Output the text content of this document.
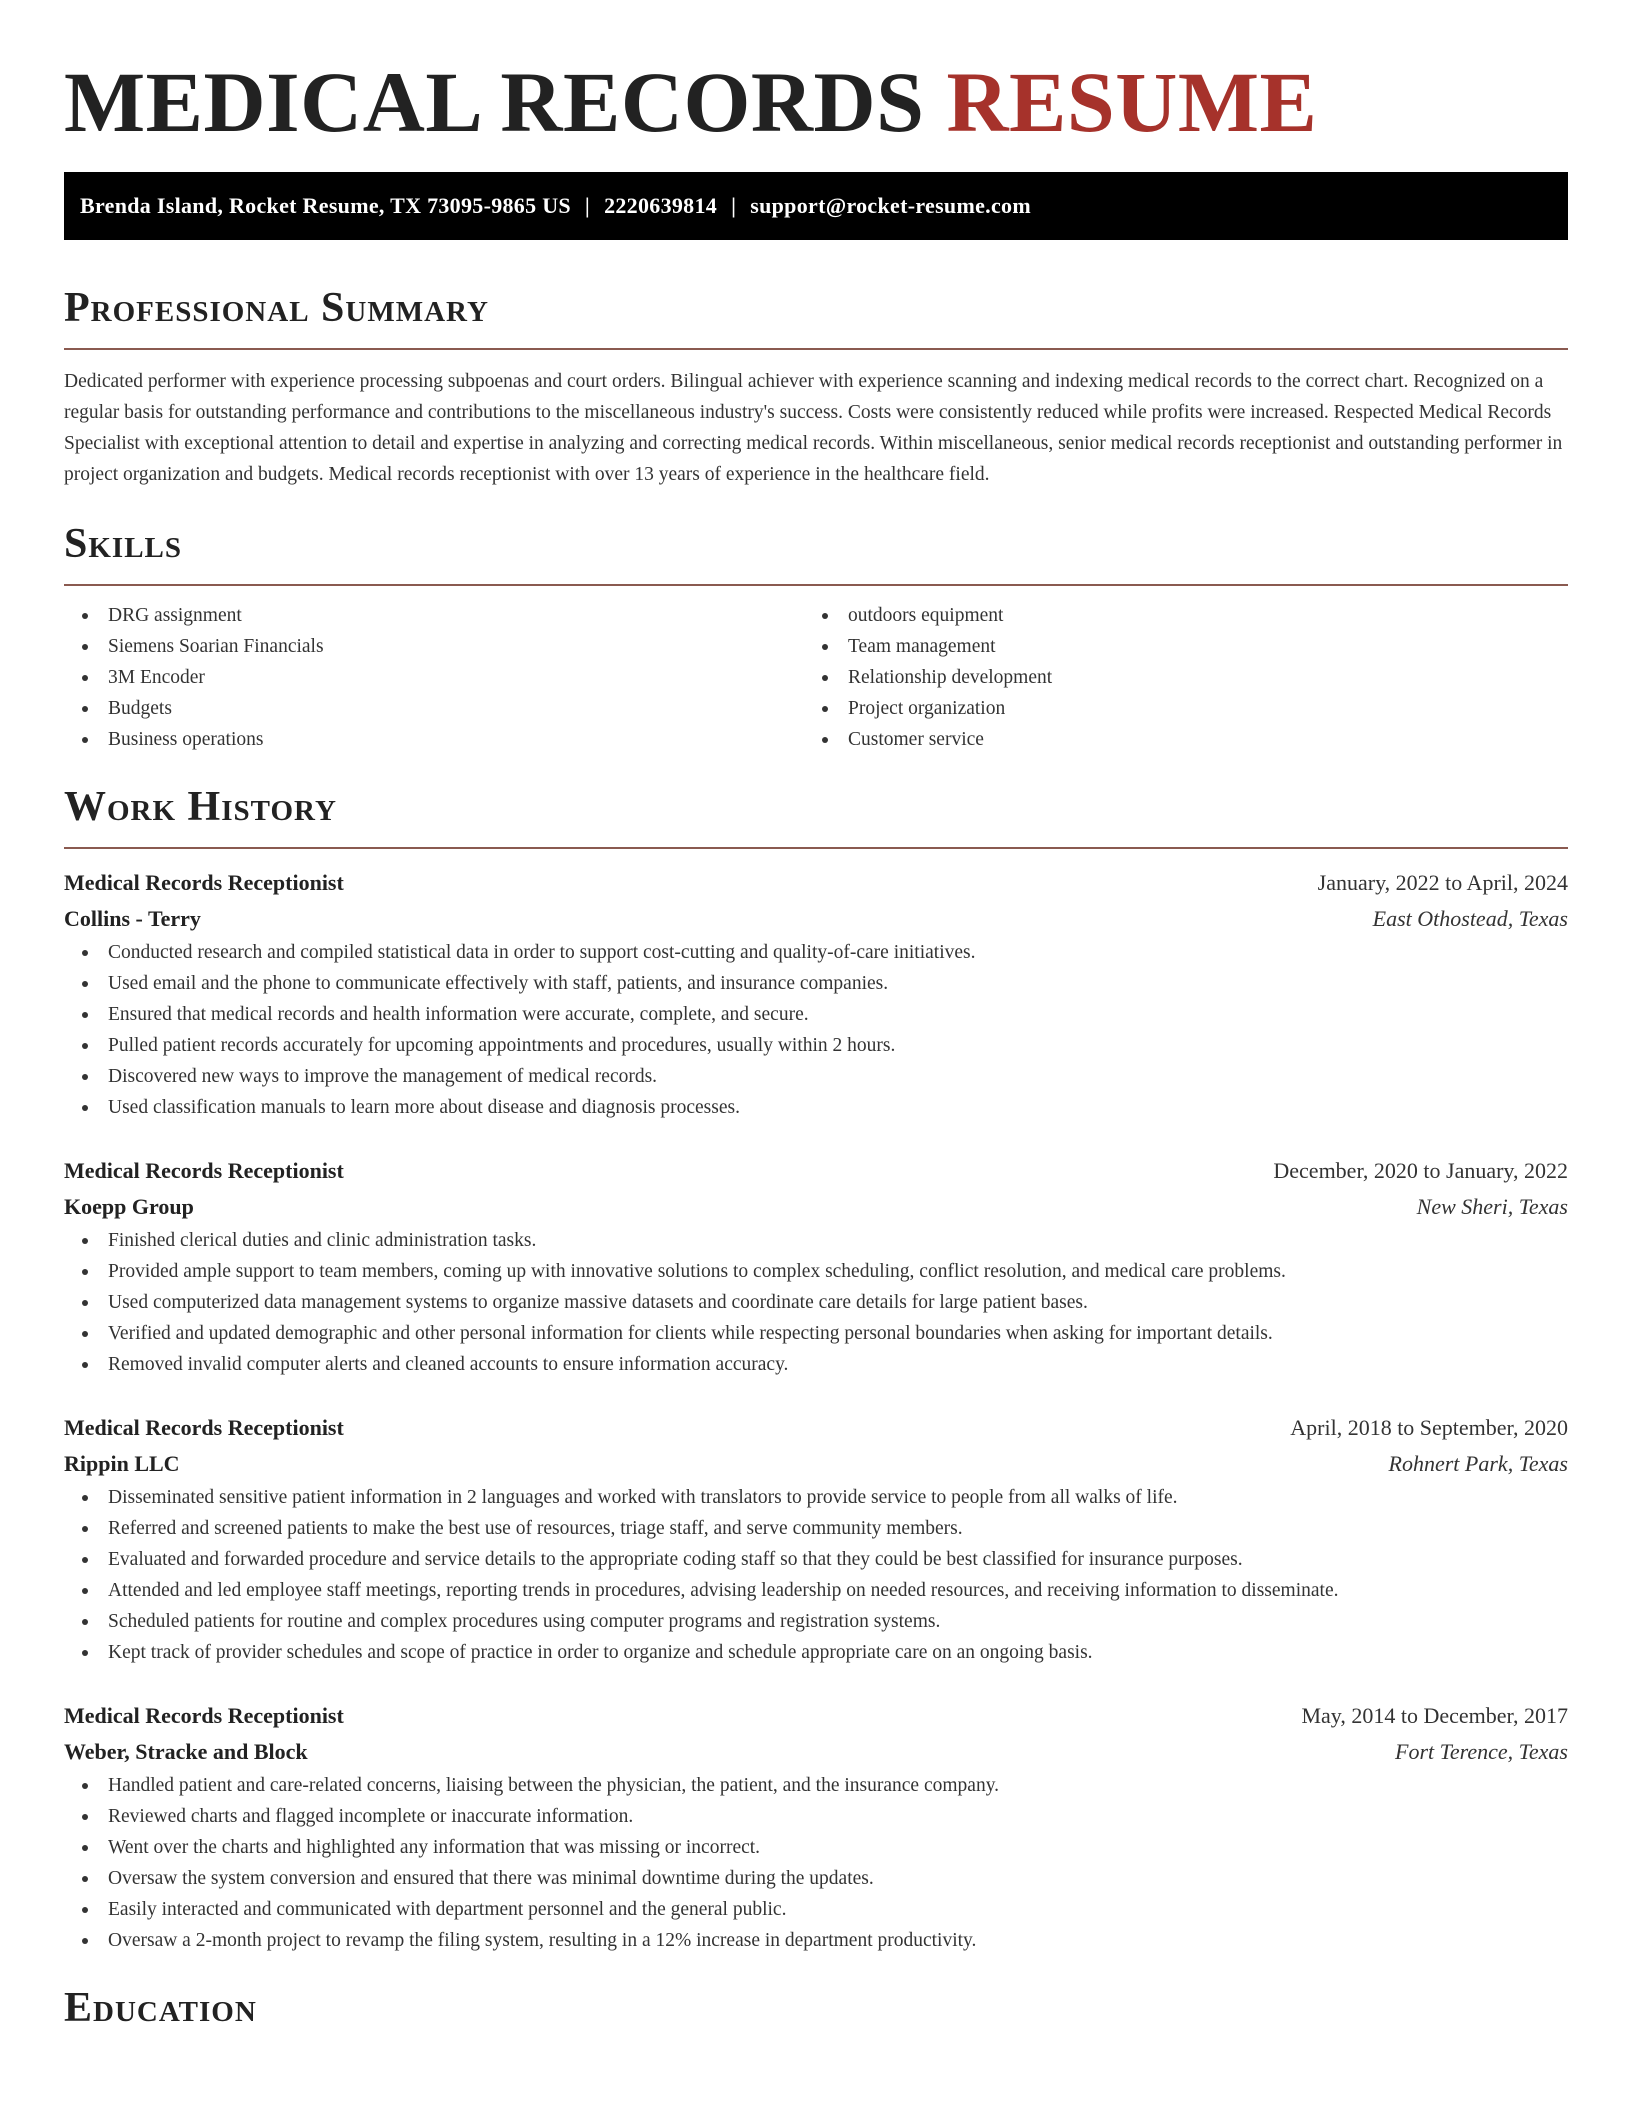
MEDICAL RECORDS RESUME
Brenda Island, Rocket Resume, TX 73095-9865 US | 2220639814 | support@rocket-resume.com
Professional Summary

Dedicated performer with experience processing subpoenas and court orders. Bilingual achiever with experience scanning and indexing medical records to the correct chart. Recognized on a regular basis for outstanding performance and contributions to the miscellaneous industry's success. Costs were consistently reduced while profits were increased. Respected Medical Records Specialist with exceptional attention to detail and expertise in analyzing and correcting medical records. Within miscellaneous, senior medical records receptionist and outstanding performer in project organization and budgets. Medical records receptionist with over 13 years of experience in the healthcare field.

Skills
DRG assignment
Siemens Soarian Financials
3M Encoder
Budgets
Business operations
outdoors equipment
Team management
Relationship development
Project organization
Customer service
Work History
Medical Records Receptionist	January, 2022 to April, 2024
Collins - Terry	East Othostead, Texas
Conducted research and compiled statistical data in order to support cost-cutting and quality-of-care initiatives.
Used email and the phone to communicate effectively with staff, patients, and insurance companies.
Ensured that medical records and health information were accurate, complete, and secure.
Pulled patient records accurately for upcoming appointments and procedures, usually within 2 hours.
Discovered new ways to improve the management of medical records.
Used classification manuals to learn more about disease and diagnosis processes.
Medical Records Receptionist	December, 2020 to January, 2022
Koepp Group	New Sheri, Texas
Finished clerical duties and clinic administration tasks.
Provided ample support to team members, coming up with innovative solutions to complex scheduling, conflict resolution, and medical care problems.
Used computerized data management systems to organize massive datasets and coordinate care details for large patient bases.
Verified and updated demographic and other personal information for clients while respecting personal boundaries when asking for important details.
Removed invalid computer alerts and cleaned accounts to ensure information accuracy.
Medical Records Receptionist	April, 2018 to September, 2020
Rippin LLC	Rohnert Park, Texas
Disseminated sensitive patient information in 2 languages and worked with translators to provide service to people from all walks of life.
Referred and screened patients to make the best use of resources, triage staff, and serve community members.
Evaluated and forwarded procedure and service details to the appropriate coding staff so that they could be best classified for insurance purposes.
Attended and led employee staff meetings, reporting trends in procedures, advising leadership on needed resources, and receiving information to disseminate.
Scheduled patients for routine and complex procedures using computer programs and registration systems.
Kept track of provider schedules and scope of practice in order to organize and schedule appropriate care on an ongoing basis.
Medical Records Receptionist	May, 2014 to December, 2017
Weber, Stracke and Block	Fort Terence, Texas
Handled patient and care-related concerns, liaising between the physician, the patient, and the insurance company.
Reviewed charts and flagged incomplete or inaccurate information.
Went over the charts and highlighted any information that was missing or incorrect.
Oversaw the system conversion and ensured that there was minimal downtime during the updates.
Easily interacted and communicated with department personnel and the general public.
Oversaw a 2-month project to revamp the filing system, resulting in a 12% increase in department productivity.
Education
